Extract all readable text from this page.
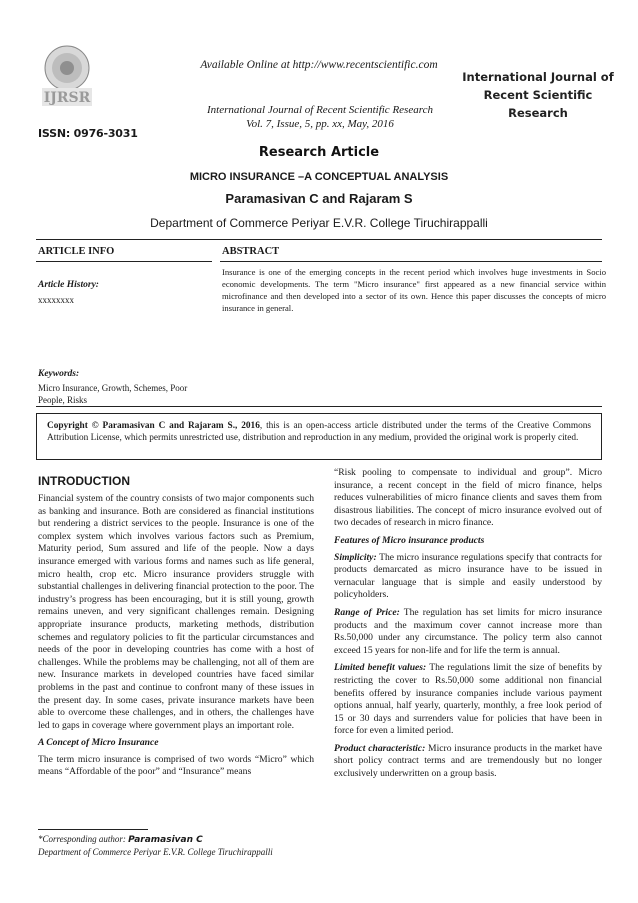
IJRSR
ISSN: 0976-3031
Available Online at http://www.recentscientific.com
International Journal of Recent Scientific Research
Vol. 7, Issue, 5, pp. xx, May, 2016
International Journal of
Recent Scientific
Research
Research Article
MICRO INSURANCE –A CONCEPTUAL ANALYSIS
Paramasivan C and Rajaram S
Department of Commerce Periyar E.V.R. College Tiruchirappalli
ARTICLE INFO	ABSTRACT
Article History:
xxxxxxxx
Insurance is one of the emerging concepts in the recent period which involves huge investments in Socio economic developments. The term "Micro insurance" first appeared as a new financial service within microfinance and then developed into a sector of its own. Hence this paper discusses the concepts of micro insurance in general.
Keywords:
Micro Insurance, Growth, Schemes, Poor People, Risks
Copyright © Paramasivan C and Rajaram S., 2016, this is an open-access article distributed under the terms of the Creative Commons Attribution License, which permits unrestricted use, distribution and reproduction in any medium, provided the original work is properly cited.
INTRODUCTION

Financial system of the country consists of two major components such as banking and insurance. Both are considered as financial institutions but rendering a district services to the people. Insurance is one of the complex system which involves various factors such as Premium, Maturity period, Sum assured and life of the people. Now a days insurance emerged with various forms and names such as life general, micro health, crop etc. Micro insurance providers struggle with substantial challenges in delivering financial protection to the poor. The industry’s progress has been encouraging, but it is still young, growth remains uneven, and very significant challenges remain. Designing appropriate insurance products, marketing methods, distribution schemes and regulatory policies to fit the particular circumstances and needs of the poor in developing countries has come with a host of challenges. While the problems may be challenging, not all of them are new. Insurance markets in developed countries have faced similar problems in the past and continue to confront many of these issues in the present day. In some cases, private insurance markets have been able to overcome these challenges, and in others, the challenges have led to gaps in coverage where government plays an important role.

A Concept of Micro Insurance

The term micro insurance is comprised of two words “Micro” which means “Affordable of the poor” and “Insurance” means

“Risk pooling to compensate to individual and group”. Micro insurance, a recent concept in the field of micro finance, helps reduces vulnerabilities of micro finance clients and saves them from disastrous liabilities. The concept of micro insurance evolved out of two decades of research in micro finance.

Features of Micro insurance products

Simplicity: The micro insurance regulations specify that contracts for products demarcated as micro insurance have to be issued in vernacular language that is simple and easily understood by policyholders.

Range of Price: The regulation has set limits for micro insurance products and the maximum cover cannot increase more than Rs.50,000 under any circumstance. The policy term also cannot exceed 15 years for non-life and for life the term is annual.

Limited benefit values: The regulations limit the size of benefits by restricting the cover to Rs.50,000 some additional non financial benefits offered by insurance companies include various payment options annual, half yearly, quarterly, monthly, a free look period of 15 or 30 days and surrenders value for policies that have been in force for even a limited period.

Product characteristic: Micro insurance products in the market have short policy contract terms and are tremendously but no longer exclusively underwritten on a group basis.

*Corresponding author: Paramasivan C
Department of Commerce Periyar E.V.R. College Tiruchirappalli
